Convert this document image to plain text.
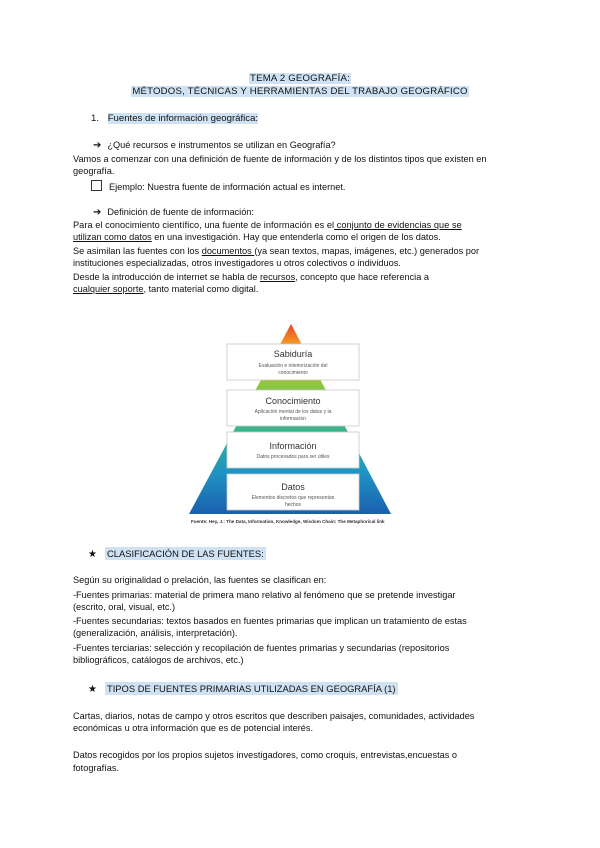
TEMA 2 GEOGRAFÍA:
MÉTODOS, TÉCNICAS Y HERRAMIENTAS DEL TRABAJO GEOGRÁFICO
1. Fuentes de información geográfica:
➔ ¿Qué recursos e instrumentos se utilizan en Geografía?
Vamos a comenzar con una definición de fuente de información y de los distintos tipos que existen en
geografía.
Ejemplo: Nuestra fuente de información actual es internet.
➔ Definición de fuente de información:
Para el conocimiento científico, una fuente de información es el conjunto de evidencias que se
utilizan como datos en una investigación. Hay que entenderla como el origen de los datos.
Se asimilan las fuentes con los documentos (ya sean textos, mapas, imágenes, etc.) generados por
instituciones especializadas, otros investigadores u otros colectivos o individuos.
Desde la introducción de internet se habla de recursos, concepto que hace referencia a
cualquier soporte, tanto material como digital.
Sabiduría
Evaluación e interiorización del
conocimiento
Conocimiento
Aplicación mental de los datos y la
información
Información
Datos procesados para ser útiles
Datos
Elementos discretos que representan
hechos
Fuente: Hey, J.: The Data, Information, Knowledge, Wisdom Chain: The Metaphorical link
★ CLASIFICACIÓN DE LAS FUENTES:
Según su originalidad o prelación, las fuentes se clasifican en:
-Fuentes primarias: material de primera mano relativo al fenómeno que se pretende investigar
(escrito, oral, visual, etc.)
-Fuentes secundarias: textos basados en fuentes primarias que implican un tratamiento de estas
(generalización, análisis, interpretación).
-Fuentes terciarias: selección y recopilación de fuentes primarias y secundarias (repositorios
bibliográficos, catálogos de archivos, etc.)
★ TIPOS DE FUENTES PRIMARIAS UTILIZADAS EN GEOGRAFÍA (1)
Cartas, diarios, notas de campo y otros escritos que describen paisajes, comunidades, actividades
económicas u otra información que es de potencial interés.
Datos recogidos por los propios sujetos investigadores, como croquis, entrevistas,encuestas o
fotografías.
